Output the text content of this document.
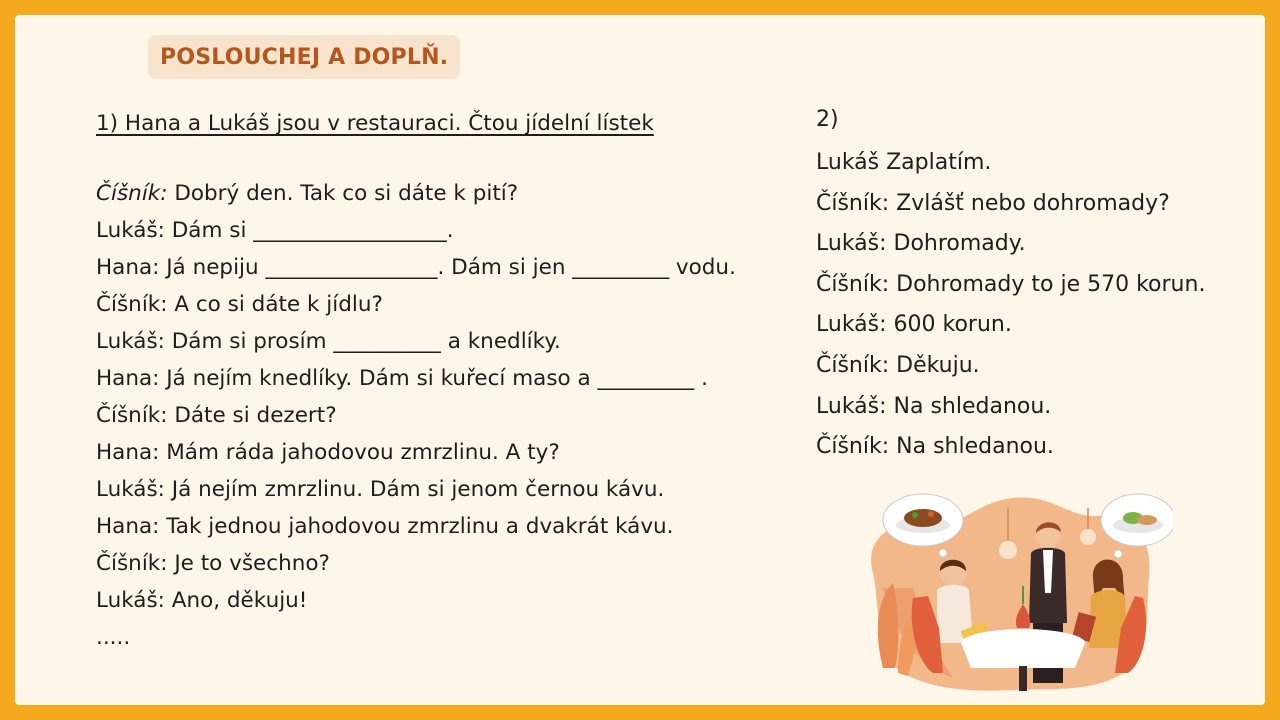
POSLOUCHEJ A DOPLŇ.

1) Hana a Lukáš jsou v restauraci. Čtou jídelní lístek

Číšník: Dobrý den. Tak co si dáte k pití?
Lukáš: Dám si __________________.
Hana: Já nepiju ________________. Dám si jen _________ vodu.
Číšník: A co si dáte k jídlu?
Lukáš: Dám si prosím __________ a knedlíky.
Hana: Já nejím knedlíky. Dám si kuřecí maso a _________ .
Číšník: Dáte si dezert?
Hana: Mám ráda jahodovou zmrzlinu. A ty?
Lukáš: Já nejím zmrzlinu. Dám si jenom černou kávu.
Hana: Tak jednou jahodovou zmrzlinu a dvakrát kávu.
Číšník: Je to všechno?
Lukáš: Ano, děkuju!
.....
2)
Lukáš Zaplatím.
Číšník: Zvlášť nebo dohromady?
Lukáš: Dohromady.
Číšník: Dohromady to je 570 korun.
Lukáš: 600 korun.
Číšník: Děkuju.
Lukáš: Na shledanou.
Číšník: Na shledanou.
